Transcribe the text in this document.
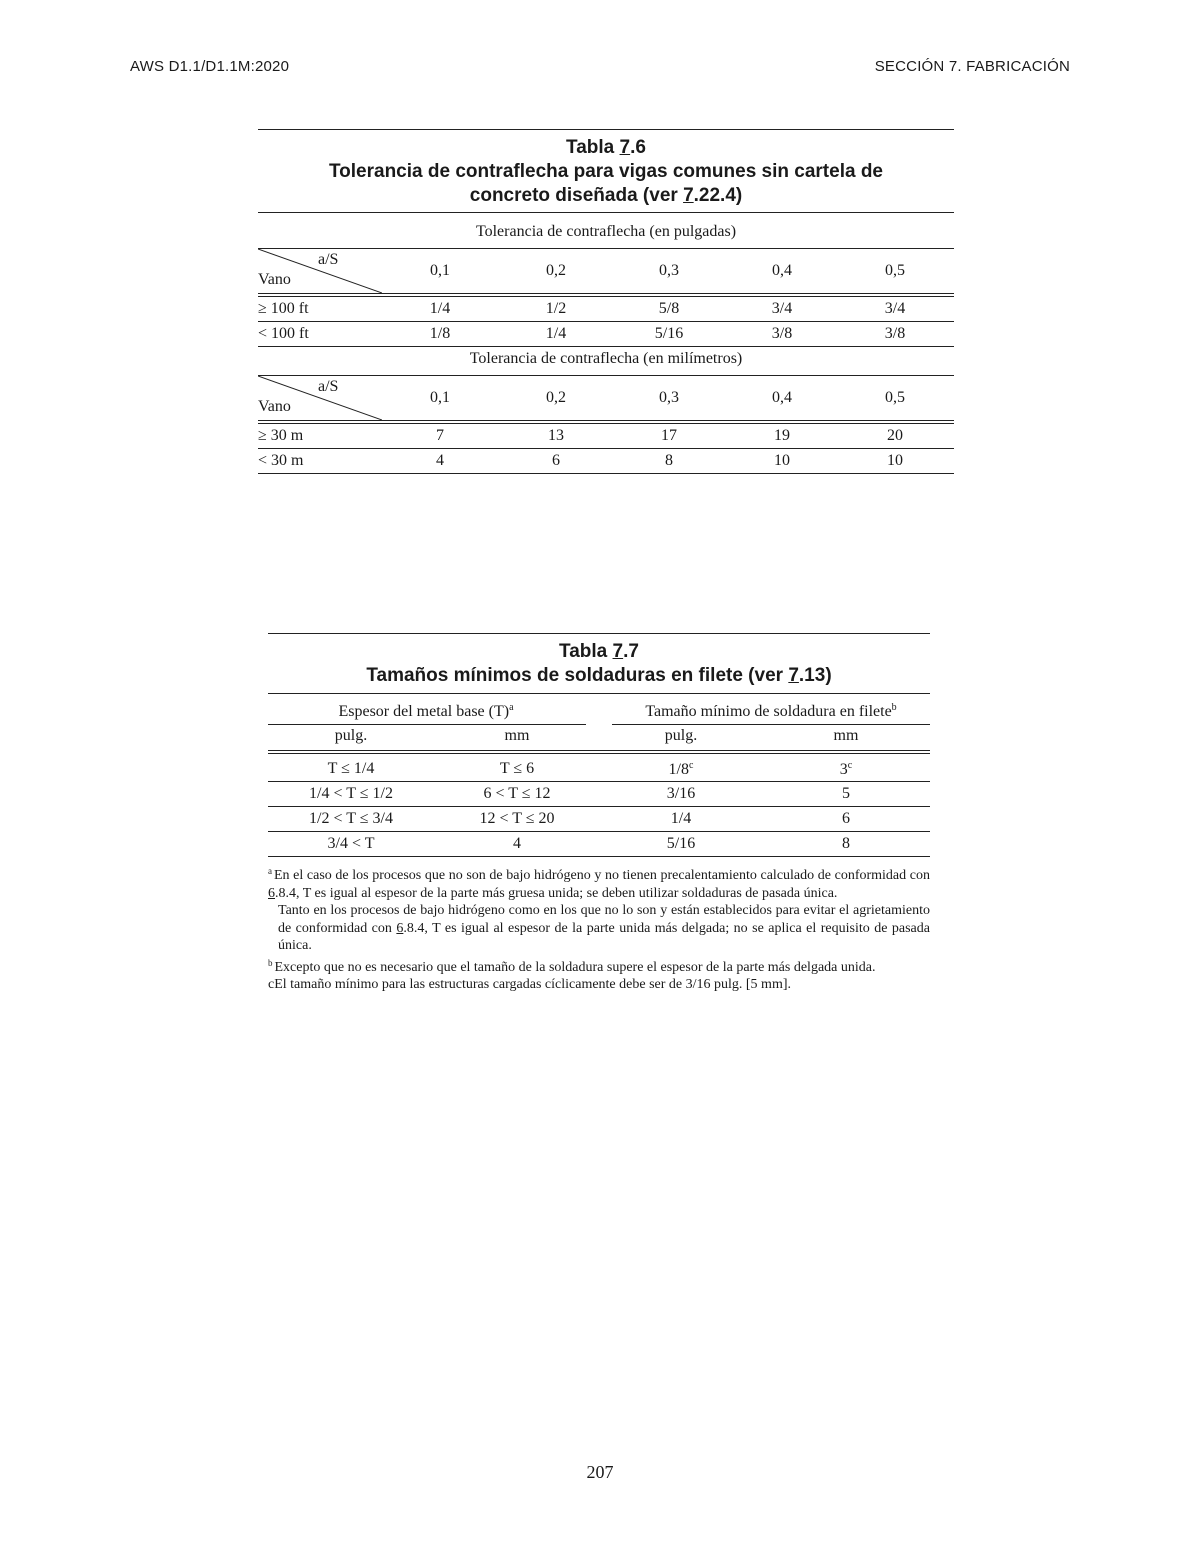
AWS D1.1/D1.1M:2020	SECCIÓN 7. FABRICACIÓN
Tabla 7.6
Tolerancia de contraflecha para vigas comunes sin cartela de
concreto diseñada (ver 7.22.4)
Tolerancia de contraflecha (en pulgadas)
a/S
Vano
0,1	0,2	0,3	0,4	0,5
≥ 100 ft	1/4	1/2	5/8	3/4	3/4
< 100 ft	1/8	1/4	5/16	3/8	3/8
Tolerancia de contraflecha (en milímetros)
a/S
Vano
0,1	0,2	0,3	0,4	0,5
≥ 30 m	7	13	17	19	20
< 30 m	4	6	8	10	10
Tabla 7.7
Tamaños mínimos de soldaduras en filete (ver 7.13)
Espesor del metal base $(T)^a$	Tamaño mínimo de soldadura en filete$^b$
pulg.	mm	pulg.	mm
T ≤ 1/4	T ≤ 6	1/8$^c$	3$^c$
1/4 < T ≤ 1/2	6 < T ≤ 12	3/16	5
1/2 < T ≤ 3/4	12 < T ≤ 20	1/4	6
3/4 < T	4	5/16	8

$^a$ En el caso de los procesos que no son de bajo hidrógeno y no tienen precalentamiento calculado de conformidad con 6.8.4, T es igual al espesor de la parte más gruesa unida; se deben utilizar soldaduras de pasada única.

Tanto en los procesos de bajo hidrógeno como en los que no lo son y están establecidos para evitar el agrietamiento de conformidad con 6.8.4, T es igual al espesor de la parte unida más delgada; no se aplica el requisito de pasada única.

$^b$ Excepto que no es necesario que el tamaño de la soldadura supere el espesor de la parte más delgada unida.

cEl tamaño mínimo para las estructuras cargadas cíclicamente debe ser de 3/16 pulg. [5 mm].

207
